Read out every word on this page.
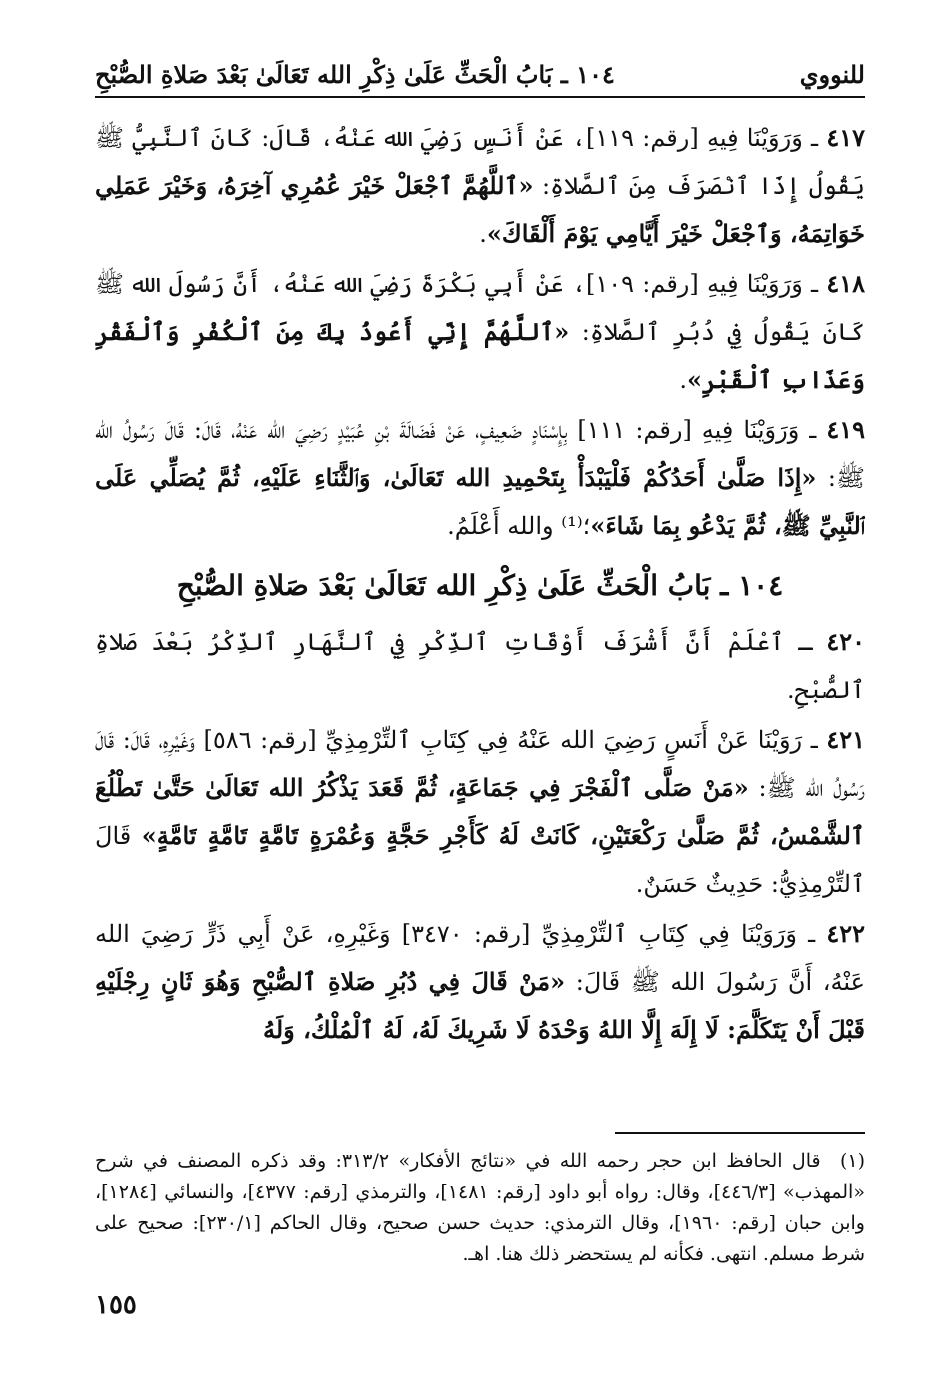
للنووي
١٠٤ ـ بَابُ الْحَثِّ عَلَىٰ ذِكْرِ الله تَعَالَىٰ بَعْدَ صَلاةِ الصُّبْحِ

٤١٧ ـ وَرَوَيْنَا فِيهِ [رقم: ١١٩]، عَنْ أَنَسٍ رَضِيَ الله عَنْهُ، قَالَ: كَانَ ٱلنَّبِيُّ ﷺ يَقُولُ إِذَا ٱنْصَرَفَ مِنَ ٱلصَّلاةِ: «ٱللَّهُمَّ ٱجْعَلْ خَيْرَ عُمُرِي آخِرَهُ، وَخَيْرَ عَمَلِي خَوَاتِمَهُ، وَٱجْعَلْ خَيْرَ أَيَّامِي يَوْمَ أَلْقَاكَ».

٤١٨ ـ وَرَوَيْنَا فِيهِ [رقم: ١٠٩]، عَنْ أَبِي بَكْرَةَ رَضِيَ الله عَنْهُ، أَنَّ رَسُولَ الله ﷺ كَانَ يَقُولُ فِي دُبُرِ ٱلصَّلاةِ: «ٱللَّهُمَّ إِنِّي أَعُوذُ بِكَ مِنَ ٱلْكُفْرِ وَٱلْفَقْرِ وَعَذَابِ ٱلْقَبْرِ».

٤١٩ ـ وَرَوَيْنَا فِيهِ [رقم: ١١١] بِإِسْنَادٍ ضَعِيفٍ، عَنْ فَضَالَةَ بْنِ عُبَيْدٍ رَضِيَ الله عَنْهُ، قَالَ: قَالَ رَسُولُ الله ﷺ: «إِذَا صَلَّىٰ أَحَدُكُمْ فَلْيَبْدَأْ بِتَحْمِيدِ الله تَعَالَىٰ، وَٱلثَّنَاءِ عَلَيْهِ، ثُمَّ يُصَلِّي عَلَى ٱلنَّبِيِّ ﷺ، ثُمَّ يَدْعُو بِمَا شَاءَ»؛⁽¹⁾ والله أَعْلَمُ.

١٠٤ ـ بَابُ الْحَثِّ عَلَىٰ ذِكْرِ الله تَعَالَىٰ بَعْدَ صَلاةِ الصُّبْحِ

٤٢٠ ـ ٱعْلَمْ أَنَّ أَشْرَفَ أَوْقَاتِ ٱلذِّكْرِ فِي ٱلنَّهَارِ ٱلذِّكْرُ بَعْدَ صَلاةِ ٱلصُّبْحِ.

٤٢١ ـ رَوَيْنَا عَنْ أَنَسٍ رَضِيَ الله عَنْهُ فِي كِتَابِ ٱلتِّرْمِذِيِّ [رقم: ٥٨٦] وَغَيْرِهِ، قَالَ: قَالَ رَسُولُ الله ﷺ: «مَنْ صَلَّى ٱلْفَجْرَ فِي جَمَاعَةٍ، ثُمَّ قَعَدَ يَذْكُرُ الله تَعَالَىٰ حَتَّىٰ تَطْلُعَ ٱلشَّمْسُ، ثُمَّ صَلَّىٰ رَكْعَتَيْنِ، كَانَتْ لَهُ كَأَجْرِ حَجَّةٍ وَعُمْرَةٍ تَامَّةٍ تَامَّةٍ تَامَّةٍ» قَالَ ٱلتِّرْمِذِيُّ: حَدِيثٌ حَسَنٌ.

٤٢٢ ـ وَرَوَيْنَا فِي كِتَابِ ٱلتِّرْمِذِيِّ [رقم: ٣٤٧٠] وَغَيْرِهِ، عَنْ أَبِي ذَرٍّ رَضِيَ الله عَنْهُ، أَنَّ رَسُولَ الله ﷺ قَالَ: «مَنْ قَالَ فِي دُبُرِ صَلاةِ ٱلصُّبْحِ وَهُوَ ثَانٍ رِجْلَيْهِ قَبْلَ أَنْ يَتَكَلَّمَ: لَا إِلَهَ إِلَّا اللهُ وَحْدَهُ لَا شَرِيكَ لَهُ، لَهُ ٱلْمُلْكُ، وَلَهُ

(١) قال الحافظ ابن حجر رحمه الله في «نتائج الأفكار» ٣١٣/٢: وقد ذكره المصنف في شرح «المهذب» [٤٤٦/٣]، وقال: رواه أبو داود [رقم: ١٤٨١]، والترمذي [رقم: ٤٣٧٧]، والنسائي [١٢٨٤]، وابن حبان [رقم: ١٩٦٠]، وقال الترمذي: حديث حسن صحيح، وقال الحاكم [٢٣٠/١]: صحيح على شرط مسلم. انتهى. فكأنه لم يستحضر ذلك هنا. اهـ.
١٥٥
